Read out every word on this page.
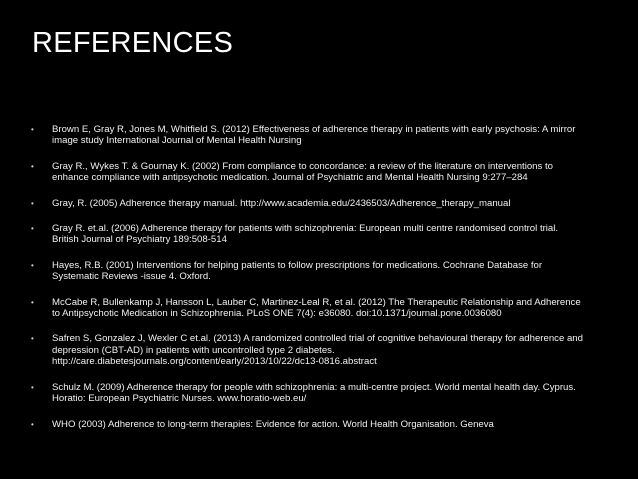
REFERENCES
• Brown E, Gray R, Jones M, Whitfield S. (2012) Effectiveness of adherence therapy in patients with early psychosis: A mirror
image study International Journal of Mental Health Nursing
• Gray R., Wykes T. & Gournay K. (2002) From compliance to concordance: a review of the literature on interventions to
enhance compliance with antipsychotic medication. Journal of Psychiatric and Mental Health Nursing 9:277–284
• Gray, R. (2005) Adherence therapy manual. http://www.academia.edu/2436503/Adherence_therapy_manual
• Gray R. et.al. (2006) Adherence therapy for patients with schizophrenia: European multi centre randomised control trial.
British Journal of Psychiatry 189:508-514
• Hayes, R.B. (2001) Interventions for helping patients to follow prescriptions for medications. Cochrane Database for
Systematic Reviews -issue 4. Oxford.
• McCabe R, Bullenkamp J, Hansson L, Lauber C, Martinez-Leal R, et al. (2012) The Therapeutic Relationship and Adherence
to Antipsychotic Medication in Schizophrenia. PLoS ONE 7(4): e36080. doi:10.1371/journal.pone.0036080
• Safren S, Gonzalez J, Wexler C et.al. (2013) A randomized controlled trial of cognitive behavioural therapy for adherence and
depression (CBT-AD) in patients with uncontrolled type 2 diabetes.
http://care.diabetesjournals.org/content/early/2013/10/22/dc13-0816.abstract
• Schulz M. (2009) Adherence therapy for people with schizophrenia: a multi-centre project. World mental health day. Cyprus.
Horatio: European Psychiatric Nurses. www.horatio-web.eu/
• WHO (2003) Adherence to long-term therapies: Evidence for action. World Health Organisation. Geneva
